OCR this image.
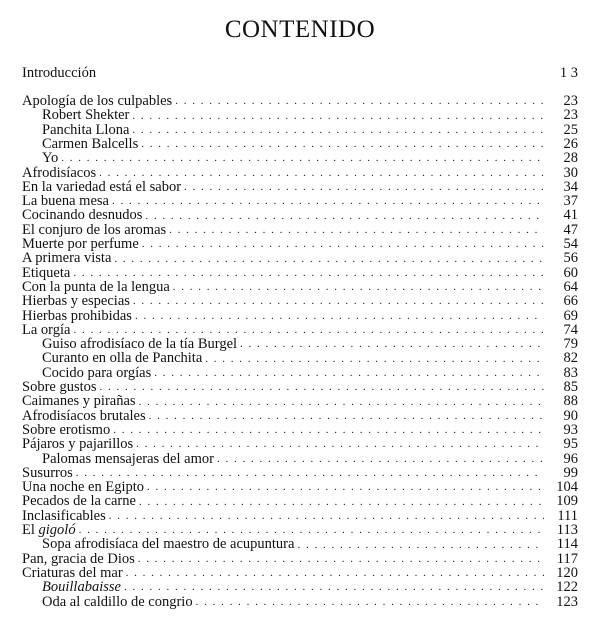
CONTENIDO
Introducción	1 3
Apología de los culpables . . .	23
Robert Shekter . . .	23
Panchita Llona . . .	25
Carmen Balcells . . .	26
Yo . . .	28
Afrodisíacos . . .	30
En la variedad está el sabor . . .	34
La buena mesa . . .	37
Cocinando desnudos . . .	41
El conjuro de los aromas . . .	47
Muerte por perfume . . .	54
A primera vista . . .	56
Etiqueta . . .	60
Con la punta de la lengua . . .	64
Hierbas y especias . . .	66
Hierbas prohibidas . . .	69
La orgía . . .	74
Guiso afrodisíaco de la tía Burgel . . .	79
Curanto en olla de Panchita . . .	82
Cocido para orgías . . .	83
Sobre gustos . . .	85
Caimanes y pirañas . . .	88
Afrodisíacos brutales . . .	90
Sobre erotismo . . .	93
Pájaros y pajarillos . . .	95
Palomas mensajeras del amor . . .	96
Susurros . . .	99
Una noche en Egipto . . .	104
Pecados de la carne . . .	109
Inclasificables . . .	111
El gigoló . . .	113
Sopa afrodisíaca del maestro de acupuntura . . .	114
Pan, gracia de Dios . . .	117
Criaturas del mar . . .	120
Bouillabaisse . . .	122
Oda al caldillo de congrio . . .	123
